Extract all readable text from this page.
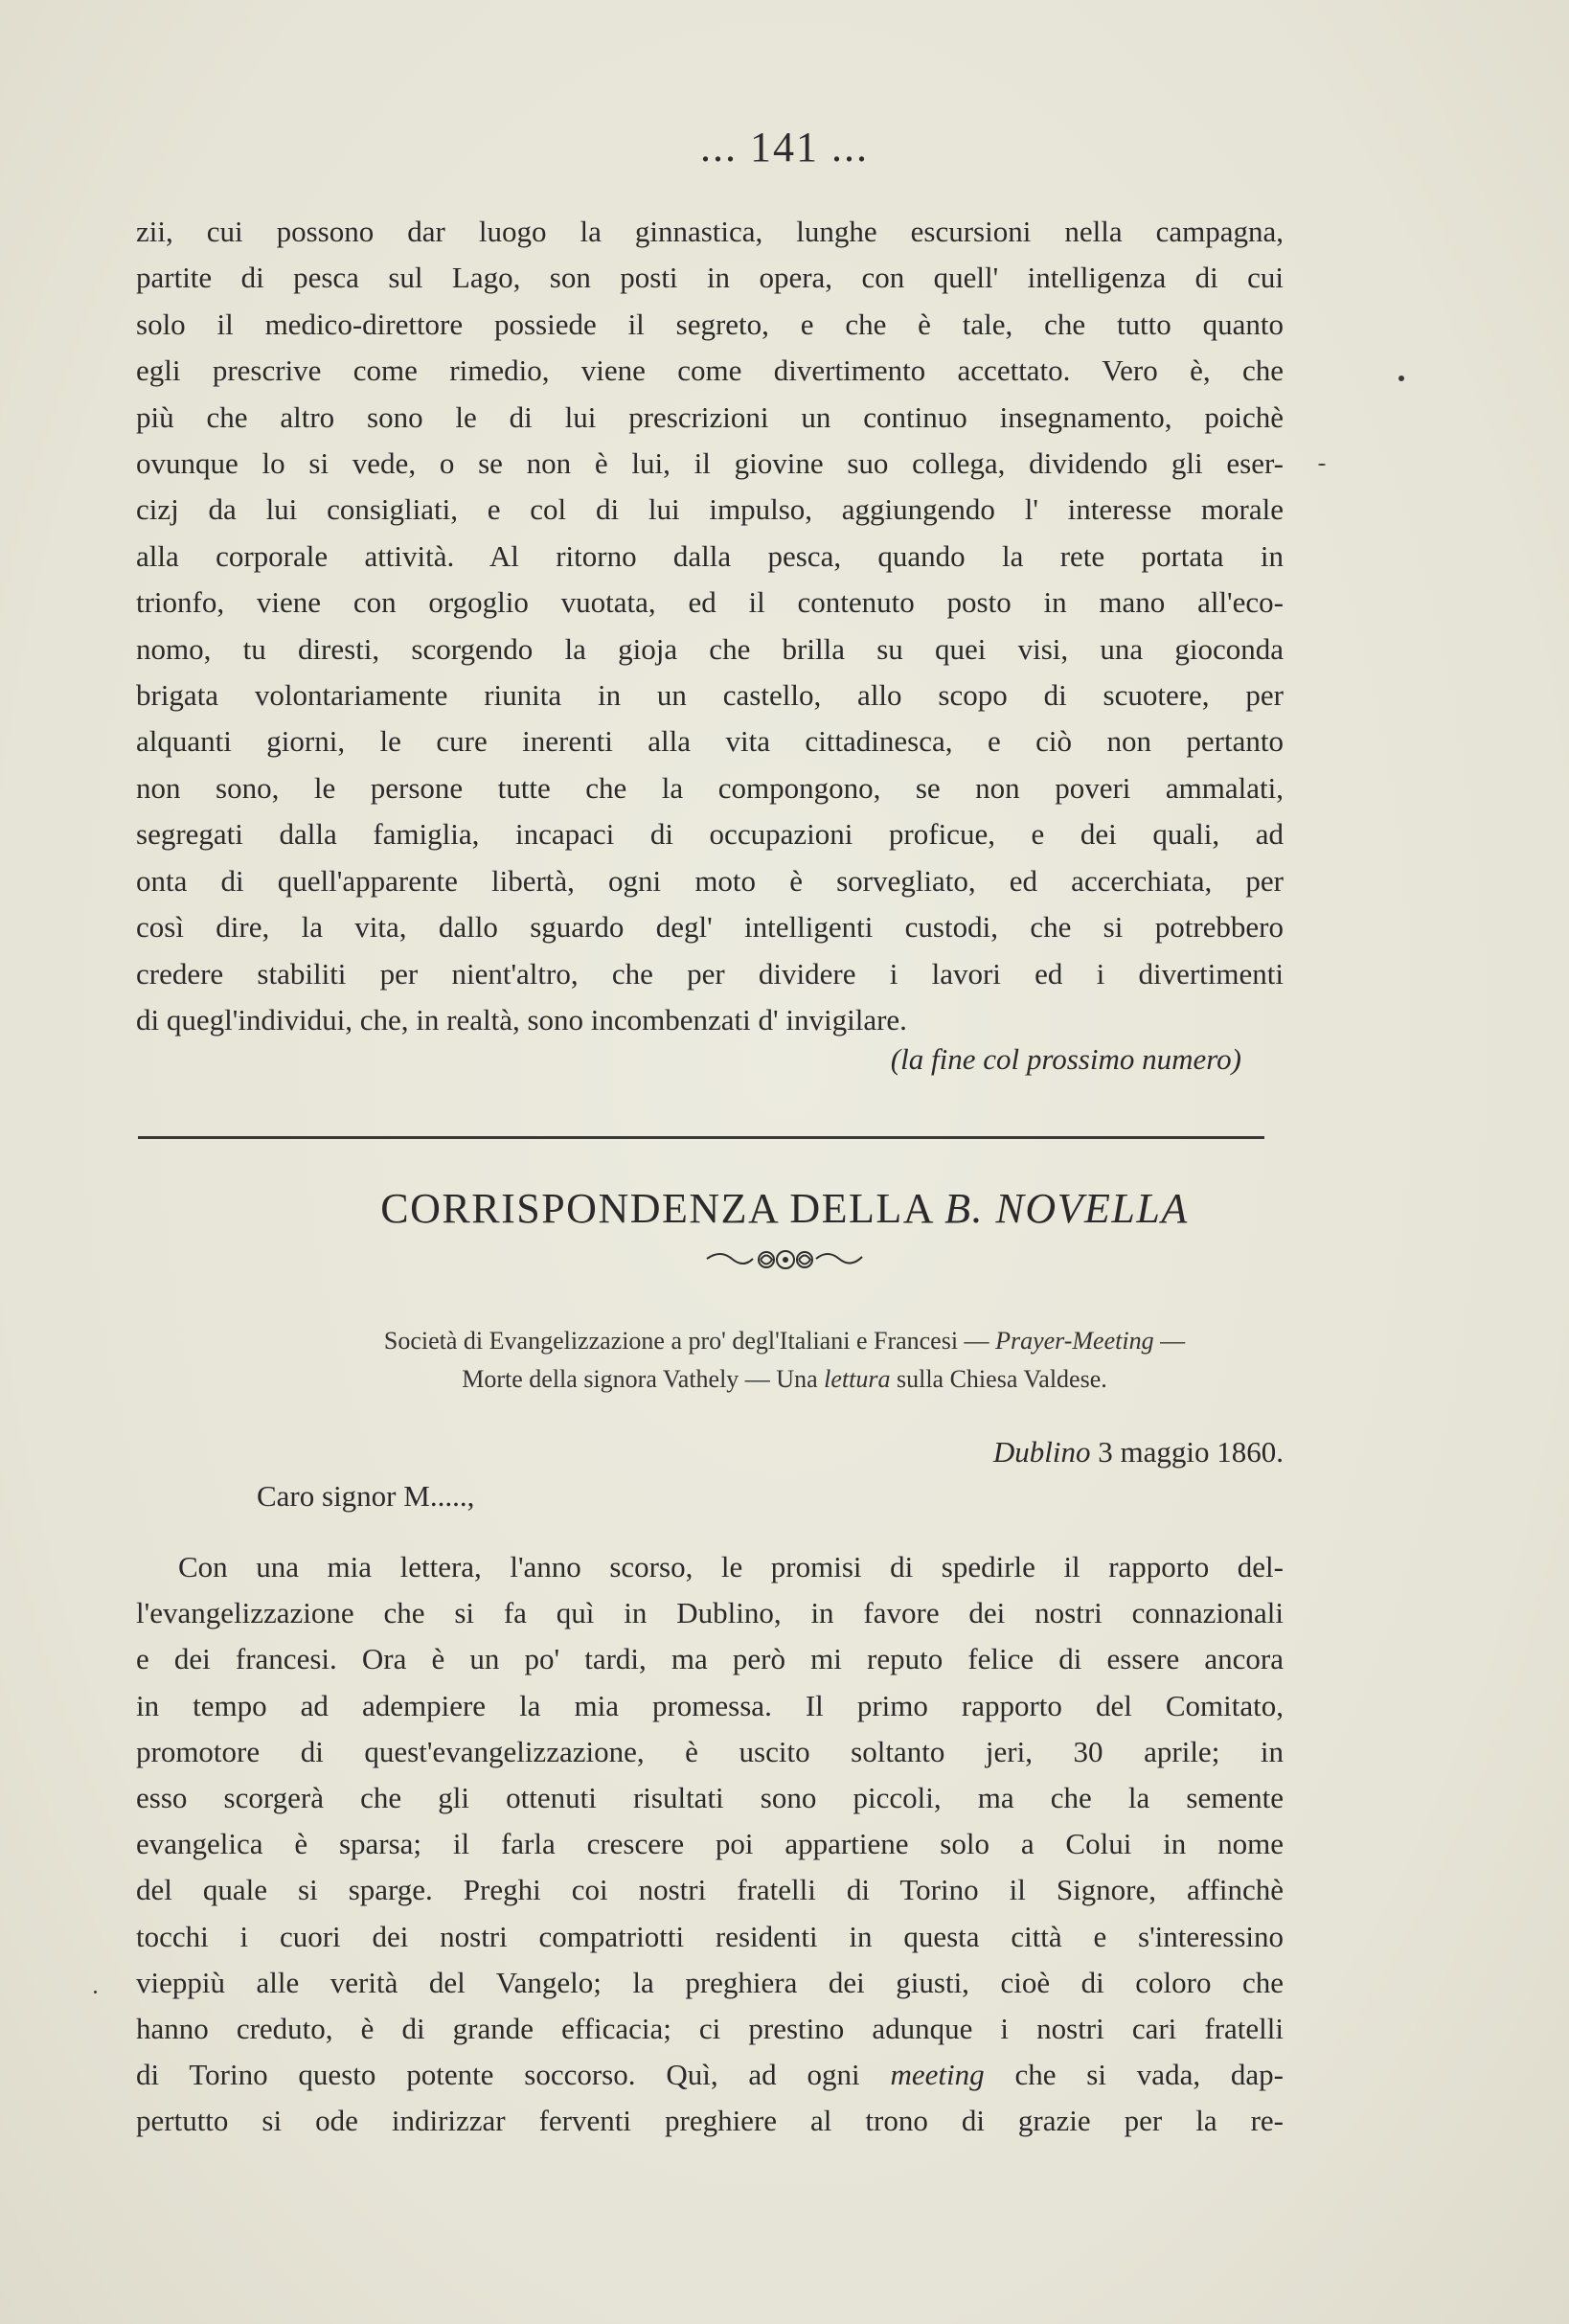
... 141 ...
zii, cui possono dar luogo la ginnastica, lunghe escursioni nella campagna,
partite di pesca sul Lago, son posti in opera, con quell' intelligenza di cui
solo il medico-direttore possiede il segreto, e che è tale, che tutto quanto
egli prescrive come rimedio, viene come divertimento accettato. Vero è, che
più che altro sono le di lui prescrizioni un continuo insegnamento, poichè
ovunque lo si vede, o se non è lui, il giovine suo collega, dividendo gli eser-
cizj da lui consigliati, e col di lui impulso, aggiungendo l' interesse morale
alla corporale attività. Al ritorno dalla pesca, quando la rete portata in
trionfo, viene con orgoglio vuotata, ed il contenuto posto in mano all'eco-
nomo, tu diresti, scorgendo la gioja che brilla su quei visi, una gioconda
brigata volontariamente riunita in un castello, allo scopo di scuotere, per
alquanti giorni, le cure inerenti alla vita cittadinesca, e ciò non pertanto
non sono, le persone tutte che la compongono, se non poveri ammalati,
segregati dalla famiglia, incapaci di occupazioni proficue, e dei quali, ad
onta di quell'apparente libertà, ogni moto è sorvegliato, ed accerchiata, per
così dire, la vita, dallo sguardo degl' intelligenti custodi, che si potrebbero
credere stabiliti per nient'altro, che per dividere i lavori ed i divertimenti
di quegl'individui, che, in realtà, sono incombenzati d' invigilare.
(la fine col prossimo numero)
CORRISPONDENZA DELLA B. NOVELLA
Società di Evangelizzazione a pro' degl'Italiani e Francesi — Prayer-Meeting —
Morte della signora Vathely — Una lettura sulla Chiesa Valdese.
Dublino 3 maggio 1860.
Caro signor M.....,
Con una mia lettera, l'anno scorso, le promisi di spedirle il rapporto del-
l'evangelizzazione che si fa quì in Dublino, in favore dei nostri connazionali
e dei francesi. Ora è un po' tardi, ma però mi reputo felice di essere ancora
in tempo ad adempiere la mia promessa. Il primo rapporto del Comitato,
promotore di quest'evangelizzazione, è uscito soltanto jeri, 30 aprile; in
esso scorgerà che gli ottenuti risultati sono piccoli, ma che la semente
evangelica è sparsa; il farla crescere poi appartiene solo a Colui in nome
del quale si sparge. Preghi coi nostri fratelli di Torino il Signore, affinchè
tocchi i cuori dei nostri compatriotti residenti in questa città e s'interessino
vieppiù alle verità del Vangelo; la preghiera dei giusti, cioè di coloro che
hanno creduto, è di grande efficacia; ci prestino adunque i nostri cari fratelli
di Torino questo potente soccorso. Quì, ad ogni meeting che si vada, dap-
pertutto si ode indirizzar ferventi preghiere al trono di grazie per la re-
